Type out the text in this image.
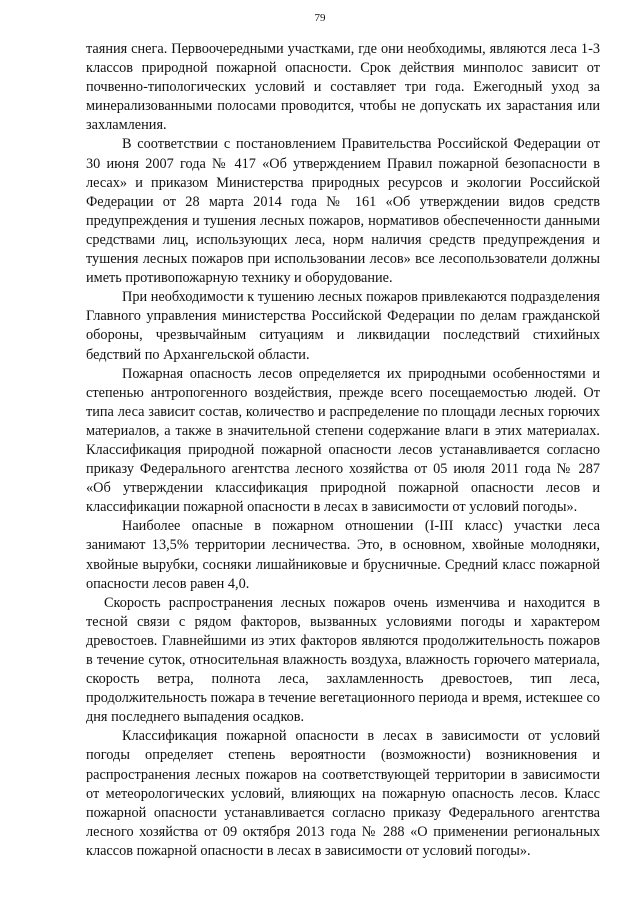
79

таяния снега. Первоочередными участками, где они необходимы, являются леса 1-3 классов природной пожарной опасности. Срок действия минполос зависит от почвенно-типологических условий и составляет три года. Ежегодный уход за минерализованными полосами проводится, чтобы не допускать их зарастания или захламления.

В соответствии с постановлением Правительства Российской Федерации от 30 июня 2007 года № 417 «Об утверждением Правил пожарной безопасности в лесах» и приказом Министерства природных ресурсов и экологии Российской Федерации от 28 марта 2014 года № 161 «Об утверждении видов средств предупреждения и тушения лесных пожаров, нормативов обеспеченности данными средствами лиц, использующих леса, норм наличия средств предупреждения и тушения лесных пожаров при использовании лесов» все лесопользователи должны иметь противопожарную технику и оборудование.

При необходимости к тушению лесных пожаров привлекаются подразделения Главного управления министерства Российской Федерации по делам гражданской обороны, чрезвычайным ситуациям и ликвидации последствий стихийных бедствий по Архангельской области.

Пожарная опасность лесов определяется их природными особенностями и степенью антропогенного воздействия, прежде всего посещаемостью людей. От типа леса зависит состав, количество и распределение по площади лесных горючих материалов, а также в значительной степени содержание влаги в этих материалах. Классификация природной пожарной опасности лесов устанавливается согласно приказу Федерального агентства лесного хозяйства от 05 июля 2011 года № 287 «Об утверждении классификация природной пожарной опасности лесов и классификации пожарной опасности в лесах в зависимости от условий погоды».

Наиболее опасные в пожарном отношении (I-III класс) участки леса занимают 13,5% территории лесничества. Это, в основном, хвойные молодняки, хвойные вырубки, сосняки лишайниковые и брусничные. Средний класс пожарной опасности лесов равен 4,0.

Скорость распространения лесных пожаров очень изменчива и находится в тесной связи с рядом факторов, вызванных условиями погоды и характером древостоев. Главнейшими из этих факторов являются продолжительность пожаров в течение суток, относительная влажность воздуха, влажность горючего материала, скорость ветра, полнота леса, захламленность древостоев, тип леса, продолжительность пожара в течение вегетационного периода и время, истекшее со дня последнего выпадения осадков.

Классификация пожарной опасности в лесах в зависимости от условий погоды определяет степень вероятности (возможности) возникновения и распространения лесных пожаров на соответствующей территории в зависимости от метеорологических условий, влияющих на пожарную опасность лесов. Класс пожарной опасности устанавливается согласно приказу Федерального агентства лесного хозяйства от 09 октября 2013 года № 288 «О применении региональных классов пожарной опасности в лесах в зависимости от условий погоды».
